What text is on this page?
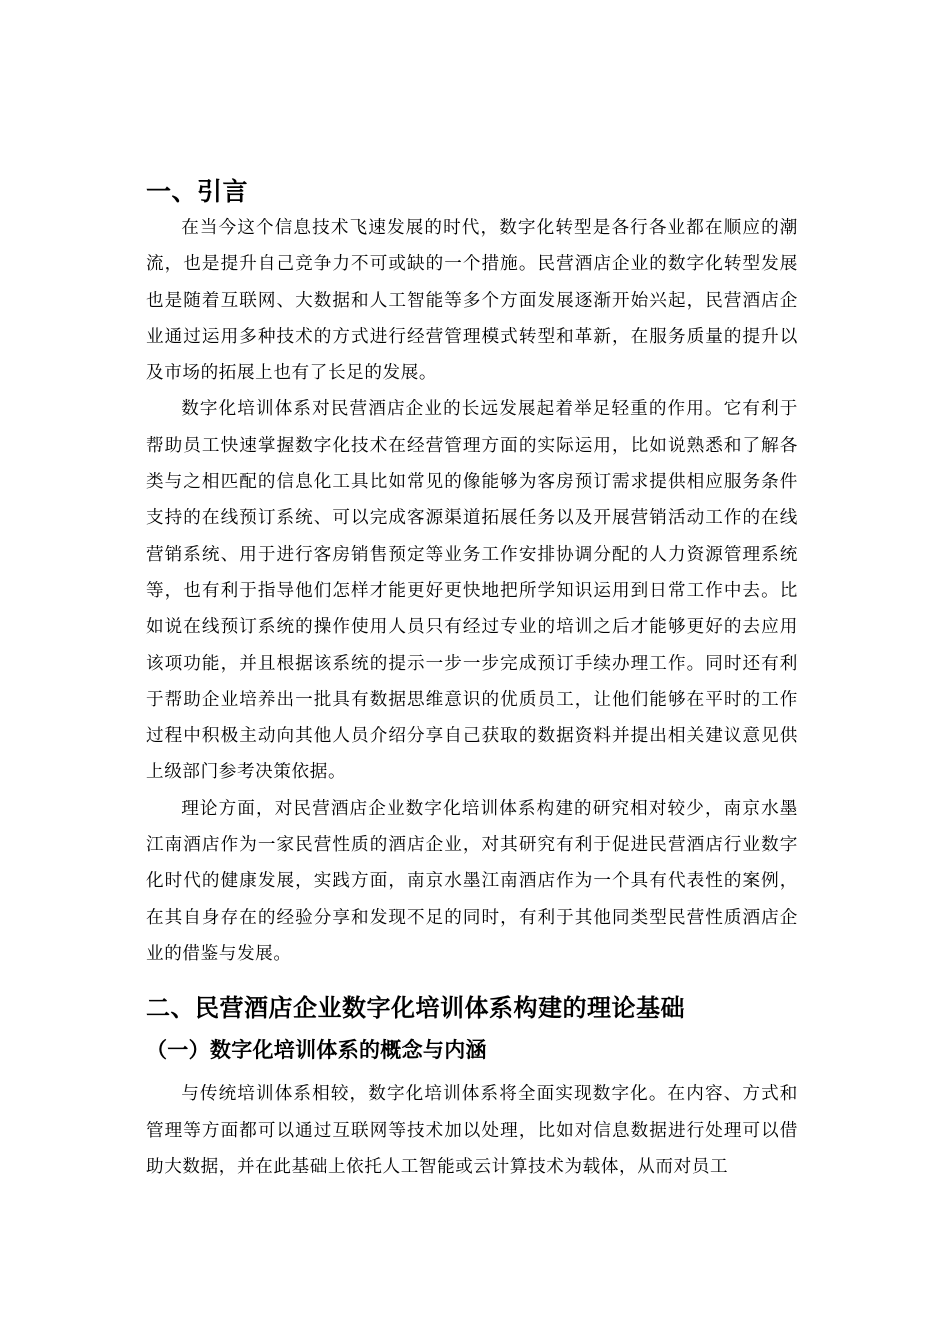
一、引言

在当今这个信息技术飞速发展的时代，数字化转型是各行各业都在顺应的潮流，也是提升自己竞争力不可或缺的一个措施。民营酒店企业的数字化转型发展也是随着互联网、大数据和人工智能等多个方面发展逐渐开始兴起，民营酒店企业通过运用多种技术的方式进行经营管理模式转型和革新，在服务质量的提升以及市场的拓展上也有了长足的发展。

数字化培训体系对民营酒店企业的长远发展起着举足轻重的作用。它有利于帮助员工快速掌握数字化技术在经营管理方面的实际运用，比如说熟悉和了解各类与之相匹配的信息化工具比如常见的像能够为客房预订需求提供相应服务条件支持的在线预订系统、可以完成客源渠道拓展任务以及开展营销活动工作的在线营销系统、用于进行客房销售预定等业务工作安排协调分配的人力资源管理系统等，也有利于指导他们怎样才能更好更快地把所学知识运用到日常工作中去。比如说在线预订系统的操作使用人员只有经过专业的培训之后才能够更好的去应用该项功能，并且根据该系统的提示一步一步完成预订手续办理工作。同时还有利于帮助企业培养出一批具有数据思维意识的优质员工，让他们能够在平时的工作过程中积极主动向其他人员介绍分享自己获取的数据资料并提出相关建议意见供上级部门参考决策依据。

理论方面，对民营酒店企业数字化培训体系构建的研究相对较少，南京水墨江南酒店作为一家民营性质的酒店企业，对其研究有利于促进民营酒店行业数字化时代的健康发展，实践方面，南京水墨江南酒店作为一个具有代表性的案例，在其自身存在的经验分享和发现不足的同时，有利于其他同类型民营性质酒店企业的借鉴与发展。

二、民营酒店企业数字化培训体系构建的理论基础
（一）数字化培训体系的概念与内涵

与传统培训体系相较，数字化培训体系将全面实现数字化。在内容、方式和管理等方面都可以通过互联网等技术加以处理，比如对信息数据进行处理可以借助大数据，并在此基础上依托人工智能或云计算技术为载体，从而对员工
